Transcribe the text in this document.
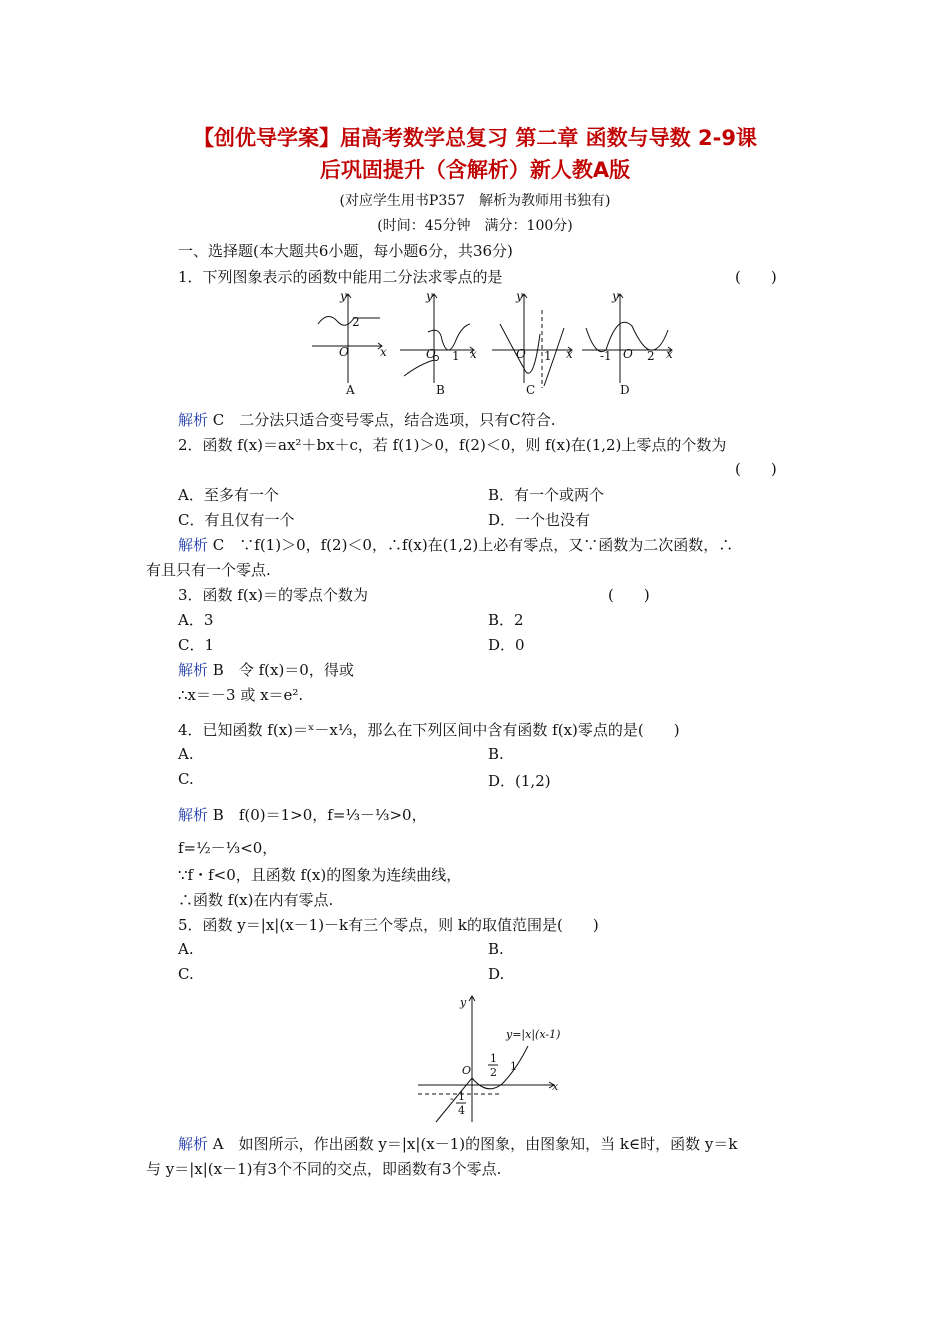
【创优导学案】届高考数学总复习 第二章 函数与导数 2-9课
后巩固提升（含解析）新人教A版
(对应学生用书P357　解析为教师用书独有)
(时间：45分钟　满分：100分)
一、选择题(本大题共6小题，每小题6分，共36分)
1．下列图象表示的函数中能用二分法求零点的是	(　　)
y
x
O
y
x
O
y
x
O
y
x
O
2
1	1	-1	2
A	B	C	D
解析 C　二分法只适合变号零点，结合选项，只有C符合.
2．函数 f(x)＝ax²＋bx＋c，若 f(1)＞0，f(2)＜0，则 f(x)在(1,2)上零点的个数为
(　　)
A．至多有一个	B．有一个或两个
C．有且仅有一个	D．一个也没有
解析 C　∵f(1)＞0，f(2)＜0，∴f(x)在(1,2)上必有零点，又∵函数为二次函数，∴
有且只有一个零点.
3．函数 f(x)＝的零点个数为	(　　)
A．3	B．2
C．1	D．0
解析 B　令 f(x)＝0，得或
∴x＝－3 或 x＝e².
4．已知函数 f(x)＝ˣ－x⅓，那么在下列区间中含有函数 f(x)零点的是(　　)
A.	B.
C.	D．(1,2)
解析 B　f(0)＝1>0，f=⅓－⅓>0，
f=½－⅓<0，
∵f・f<0，且函数 f(x)的图象为连续曲线，
∴函数 f(x)在内有零点.
5．函数 y＝|x|(x－1)－k有三个零点，则 k的取值范围是(　　)
A.	B.
C.	D.
y
x
O
y=|x|(x-1)
1
2 1
- 1
4
解析 A　如图所示，作出函数 y＝|x|(x－1)的图象，由图象知，当 k∈时，函数 y＝k
与 y＝|x|(x－1)有3个不同的交点，即函数有3个零点.
